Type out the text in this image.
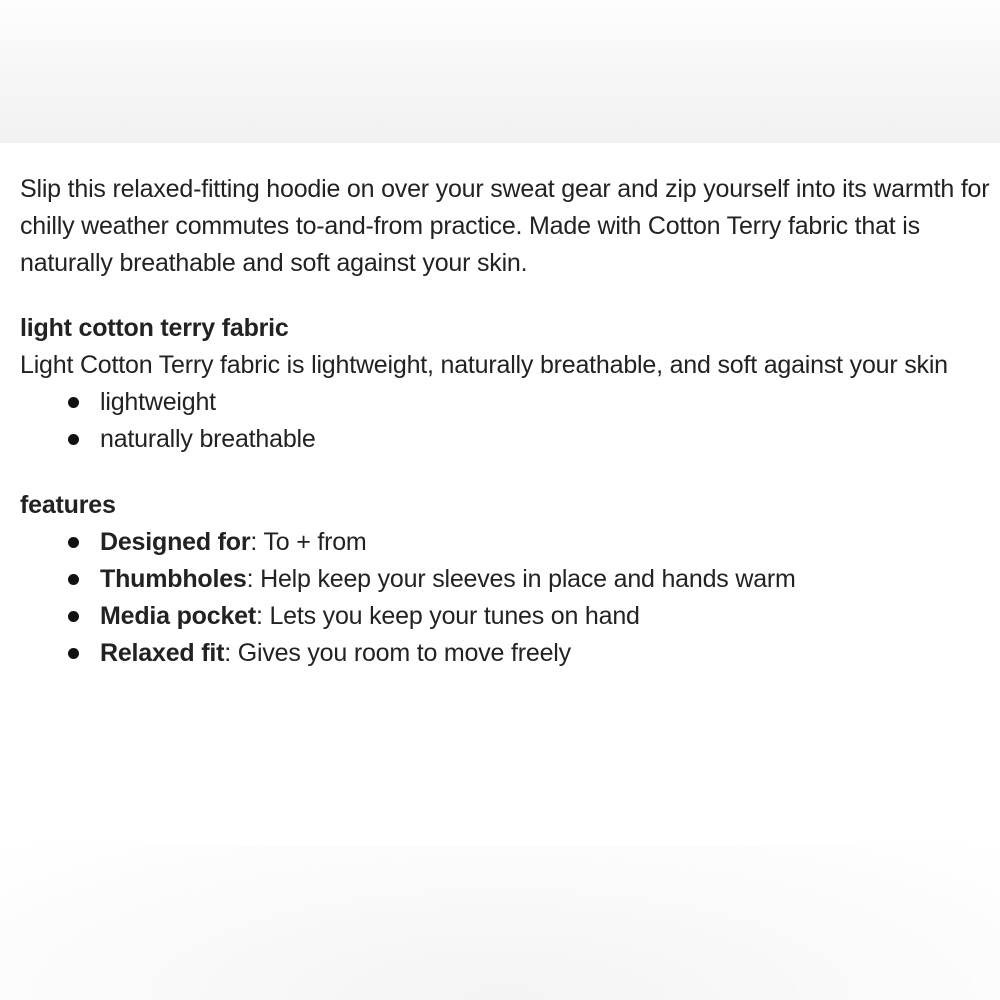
Slip this relaxed-fitting hoodie on over your sweat gear and zip yourself into its warmth for chilly weather commutes to-and-from practice. Made with Cotton Terry fabric that is naturally breathable and soft against your skin.

light cotton terry fabric

Light Cotton Terry fabric is lightweight, naturally breathable, and soft against your skin

lightweight
naturally breathable

features

Designed for: To + from
Thumbholes: Help keep your sleeves in place and hands warm
Media pocket: Lets you keep your tunes on hand
Relaxed fit: Gives you room to move freely
